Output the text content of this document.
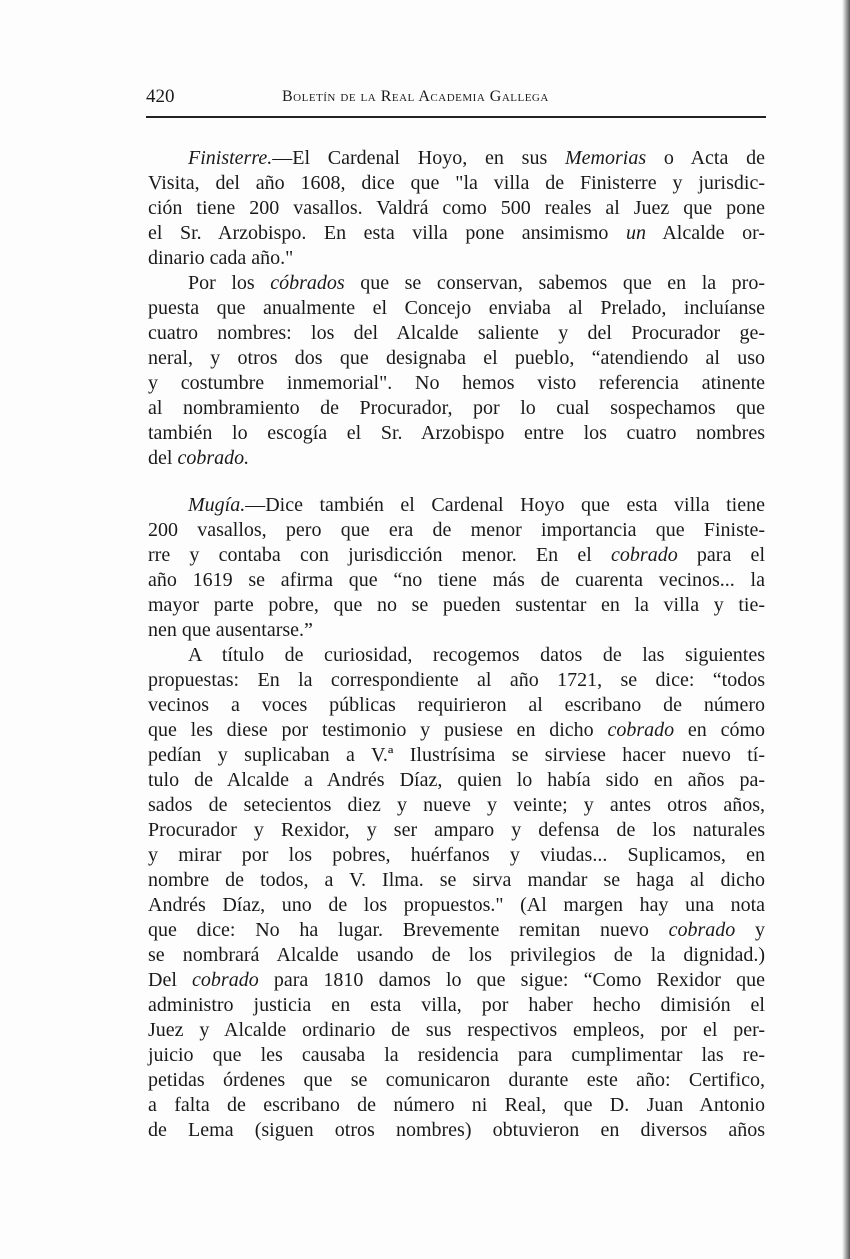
420	Boletín de la Real Academia Gallega
Finisterre.—El Cardenal Hoyo, en sus Memorias o Acta de
Visita, del año 1608, dice que "la villa de Finisterre y jurisdic-
ción tiene 200 vasallos. Valdrá como 500 reales al Juez que pone
el Sr. Arzobispo. En esta villa pone ansimismo un Alcalde or-
dinario cada año."
Por los cóbrados que se conservan, sabemos que en la pro-
puesta que anualmente el Concejo enviaba al Prelado, incluíanse
cuatro nombres: los del Alcalde saliente y del Procurador ge-
neral, y otros dos que designaba el pueblo, “atendiendo al uso
y costumbre inmemorial". No hemos visto referencia atinente
al nombramiento de Procurador, por lo cual sospechamos que
también lo escogía el Sr. Arzobispo entre los cuatro nombres
del cobrado.
Mugía.—Dice también el Cardenal Hoyo que esta villa tiene
200 vasallos, pero que era de menor importancia que Finiste-
rre y contaba con jurisdicción menor. En el cobrado para el
año 1619 se afirma que “no tiene más de cuarenta vecinos... la
mayor parte pobre, que no se pueden sustentar en la villa y tie-
nen que ausentarse.”
A título de curiosidad, recogemos datos de las siguientes
propuestas: En la correspondiente al año 1721, se dice: “todos
vecinos a voces públicas requirieron al escribano de número
que les diese por testimonio y pusiese en dicho cobrado en cómo
pedían y suplicaban a V.ª Ilustrísima se sirviese hacer nuevo tí-
tulo de Alcalde a Andrés Díaz, quien lo había sido en años pa-
sados de setecientos diez y nueve y veinte; y antes otros años,
Procurador y Rexidor, y ser amparo y defensa de los naturales
y mirar por los pobres, huérfanos y viudas... Suplicamos, en
nombre de todos, a V. Ilma. se sirva mandar se haga al dicho
Andrés Díaz, uno de los propuestos." (Al margen hay una nota
que dice: No ha lugar. Brevemente remitan nuevo cobrado y
se nombrará Alcalde usando de los privilegios de la dignidad.)
Del cobrado para 1810 damos lo que sigue: “Como Rexidor que
administro justicia en esta villa, por haber hecho dimisión el
Juez y Alcalde ordinario de sus respectivos empleos, por el per-
juicio que les causaba la residencia para cumplimentar las re-
petidas órdenes que se comunicaron durante este año: Certifico,
a falta de escribano de número ni Real, que D. Juan Antonio
de Lema (siguen otros nombres) obtuvieron en diversos años
